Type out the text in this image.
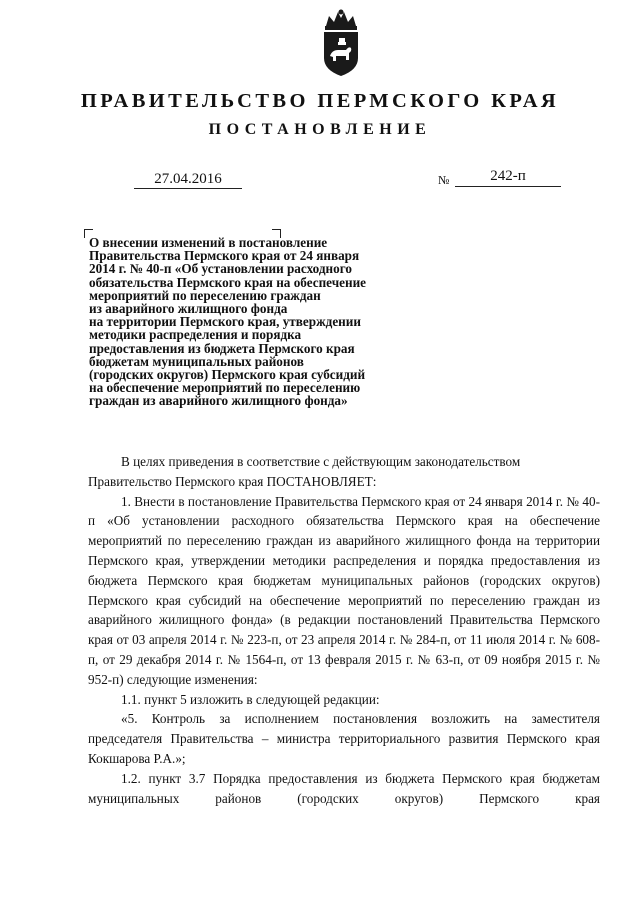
ПРАВИТЕЛЬСТВО ПЕРМСКОГО КРАЯ
ПОСТАНОВЛЕНИЕ
27.04.2016	№	242-п
О внесении изменений в постановление
Правительства Пермского края от 24 января
2014 г. № 40-п «Об установлении расходного
обязательства Пермского края на обеспечение
мероприятий по переселению граждан
из аварийного жилищного фонда
на территории Пермского края, утверждении
методики распределения и порядка
предоставления из бюджета Пермского края
бюджетам муниципальных районов
(городских округов) Пермского края субсидий
на обеспечение мероприятий по переселению
граждан из аварийного жилищного фонда»

В целях приведения в соответствие с действующим законодательством

Правительство Пермского края ПОСТАНОВЛЯЕТ:

1. Внести в постановление Правительства Пермского края от 24 января 2014 г. № 40-п «Об установлении расходного обязательства Пермского края на обеспечение мероприятий по переселению граждан из аварийного жилищного фонда на территории Пермского края, утверждении методики распределения и порядка предоставления из бюджета Пермского края бюджетам муниципальных районов (городских округов) Пермского края субсидий на обеспечение мероприятий по переселению граждан из аварийного жилищного фонда» (в редакции постановлений Правительства Пермского края от 03 апреля 2014 г. № 223-п, от 23 апреля 2014 г. № 284-п, от 11 июля 2014 г. № 608-п, от 29 декабря 2014 г. № 1564-п, от 13 февраля 2015 г. № 63-п, от 09 ноября 2015 г. № 952-п) следующие изменения:

1.1. пункт 5 изложить в следующей редакции:

«5. Контроль за исполнением постановления возложить на заместителя председателя Правительства – министра территориального развития Пермского края Кокшарова Р.А.»;

1.2. пункт 3.7 Порядка предоставления из бюджета Пермского края бюджетам муниципальных районов (городских округов) Пермского края
